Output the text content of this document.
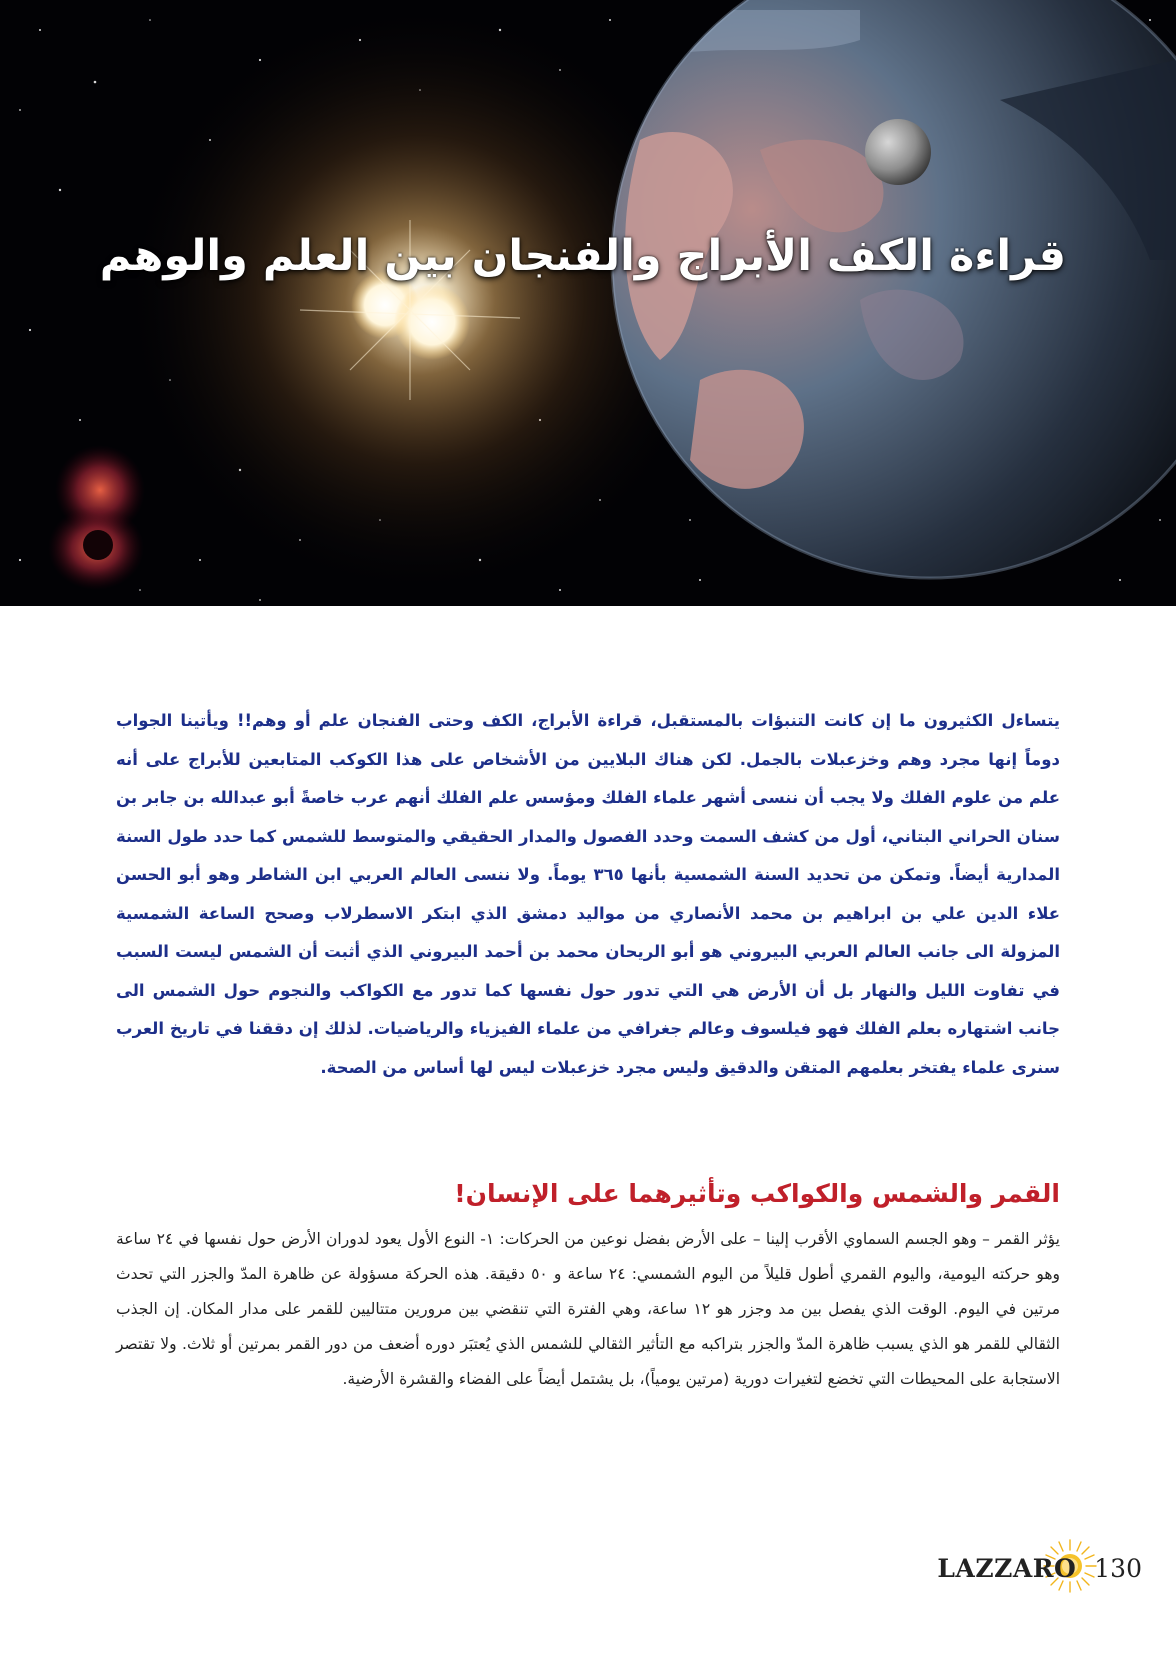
قراءة الكف الأبراج والفنجان بين العلم والوهم

يتساءل الكثيرون ما إن كانت التنبؤات بالمستقبل، قراءة الأبراج، الكف وحتى الفنجان علم أو وهم!! ويأتينا الجواب دوماً إنها مجرد وهم وخزعبلات بالجمل. لكن هناك البلايين من الأشخاص على هذا الكوكب المتابعين للأبراج على أنه علم من علوم الفلك ولا يجب أن ننسى أشهر علماء الفلك ومؤسس علم الفلك أنهم عرب خاصةً أبو عبدالله بن جابر بن سنان الحراني البتاني، أول من كشف السمت وحدد الفصول والمدار الحقيقي والمتوسط للشمس كما حدد طول السنة المدارية أيضاً. وتمكن من تحديد السنة الشمسية بأنها ٣٦٥ يوماً. ولا ننسى العالم العربي ابن الشاطر وهو أبو الحسن علاء الدين علي بن ابراهيم بن محمد الأنصاري من مواليد دمشق الذي ابتكر الاسطرلاب وصحح الساعة الشمسية المزولة الى جانب العالم العربي البيروني هو أبو الريحان محمد بن أحمد البيروني الذي أثبت أن الشمس ليست السبب في تفاوت الليل والنهار بل أن الأرض هي التي تدور حول نفسها كما تدور مع الكواكب والنجوم حول الشمس الى جانب اشتهاره بعلم الفلك فهو فيلسوف وعالم جغرافي من علماء الفيزياء والرياضيات. لذلك إن دققنا في تاريخ العرب سنرى علماء يفتخر بعلمهم المتقن والدقيق وليس مجرد خزعبلات ليس لها أساس من الصحة.

القمر والشمس والكواكب وتأثيرهما على الإنسان!

يؤثر القمر – وهو الجسم السماوي الأقرب إلينا – على الأرض بفضل نوعين من الحركات: ١- النوع الأول يعود لدوران الأرض حول نفسها في ٢٤ ساعة وهو حركته اليومية، واليوم القمري أطول قليلاً من اليوم الشمسي: ٢٤ ساعة و ٥٠ دقيقة. هذه الحركة مسؤولة عن ظاهرة المدّ والجزر التي تحدث مرتين في اليوم. الوقت الذي يفصل بين مد وجزر هو ١٢ ساعة، وهي الفترة التي تنقضي بين مرورين متتاليين للقمر على مدار المكان. إن الجذب الثقالي للقمر هو الذي يسبب ظاهرة المدّ والجزر بتراكبه مع التأثير الثقالي للشمس الذي يُعتبَر دوره أضعف من دور القمر بمرتين أو ثلاث. ولا تقتصر الاستجابة على المحيطات التي تخضع لتغيرات دورية (مرتين يومياً)، بل يشتمل أيضاً على الفضاء والقشرة الأرضية.

LAZZARO 130
